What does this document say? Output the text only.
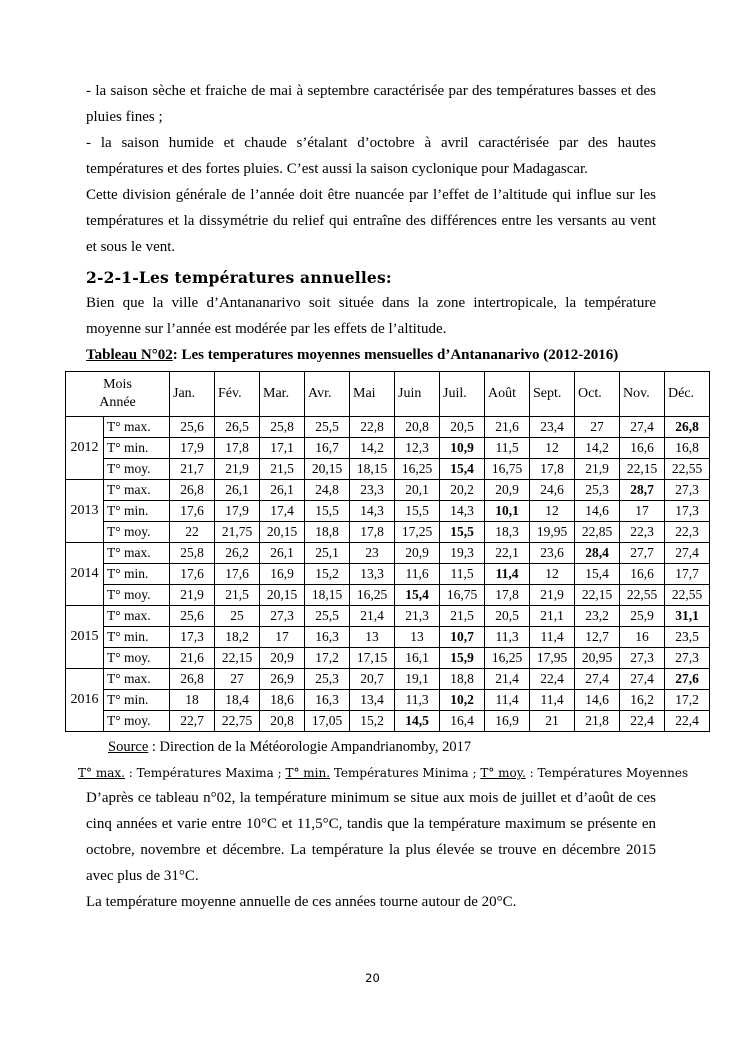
- la saison sèche et fraiche de mai à septembre caractérisée par des températures basses et des pluies fines ;

- la saison humide et chaude s’étalant d’octobre à avril caractérisée par des hautes températures et des fortes pluies. C’est aussi la saison cyclonique pour Madagascar.

Cette division générale de l’année doit être nuancée par l’effet de l’altitude qui influe sur les températures et la dissymétrie du relief qui entraîne des différences entre les versants au vent et sous le vent.

2-2-1-Les températures annuelles:

Bien que la ville d’Antananarivo soit située dans la zone intertropicale, la température moyenne sur l’année est modérée par les effets de l’altitude.

Tableau N°02: Les temperatures moyennes mensuelles d’Antananarivo (2012-2016)

Mois
Année		Jan.	Fév.	Mar.	Avr.	Mai	Juin	Juil.	Août	Sept.	Oct.	Nov.	Déc.
2012	T° max.	25,6	26,5	25,8	25,5	22,8	20,8	20,5	21,6	23,4	27	27,4	26,8
	T° min.	17,9	17,8	17,1	16,7	14,2	12,3	10,9	11,5	12	14,2	16,6	16,8
	T° moy.	21,7	21,9	21,5	20,15	18,15	16,25	15,4	16,75	17,8	21,9	22,15	22,55
2013	T° max.	26,8	26,1	26,1	24,8	23,3	20,1	20,2	20,9	24,6	25,3	28,7	27,3
	T° min.	17,6	17,9	17,4	15,5	14,3	15,5	14,3	10,1	12	14,6	17	17,3
	T° moy.	22	21,75	20,15	18,8	17,8	17,25	15,5	18,3	19,95	22,85	22,3	22,3
2014	T° max.	25,8	26,2	26,1	25,1	23	20,9	19,3	22,1	23,6	28,4	27,7	27,4
	T° min.	17,6	17,6	16,9	15,2	13,3	11,6	11,5	11,4	12	15,4	16,6	17,7
	T° moy.	21,9	21,5	20,15	18,15	16,25	15,4	16,75	17,8	21,9	22,15	22,55	22,55
2015	T° max.	25,6	25	27,3	25,5	21,4	21,3	21,5	20,5	21,1	23,2	25,9	31,1
	T° min.	17,3	18,2	17	16,3	13	13	10,7	11,3	11,4	12,7	16	23,5
	T° moy.	21,6	22,15	20,9	17,2	17,15	16,1	15,9	16,25	17,95	20,95	27,3	27,3
2016	T° max.	26,8	27	26,9	25,3	20,7	19,1	18,8	21,4	22,4	27,4	27,4	27,6
	T° min.	18	18,4	18,6	16,3	13,4	11,3	10,2	11,4	11,4	14,6	16,2	17,2
	T° moy.	22,7	22,75	20,8	17,05	15,2	14,5	16,4	16,9	21	21,8	22,4	22,4

Source : Direction de la Météorologie Ampandrianomby, 2017

T° max. : Températures Maxima ; T° min. Températures Minima ; T° moy. : Températures Moyennes

D’après ce tableau n°02, la température minimum se situe aux mois de juillet et d’août de ces cinq années et varie entre 10°C et 11,5°C, tandis que la température maximum se présente en octobre, novembre et décembre. La température la plus élevée se trouve en décembre 2015 avec plus de 31°C.

La température moyenne annuelle de ces années tourne autour de 20°C.

20
